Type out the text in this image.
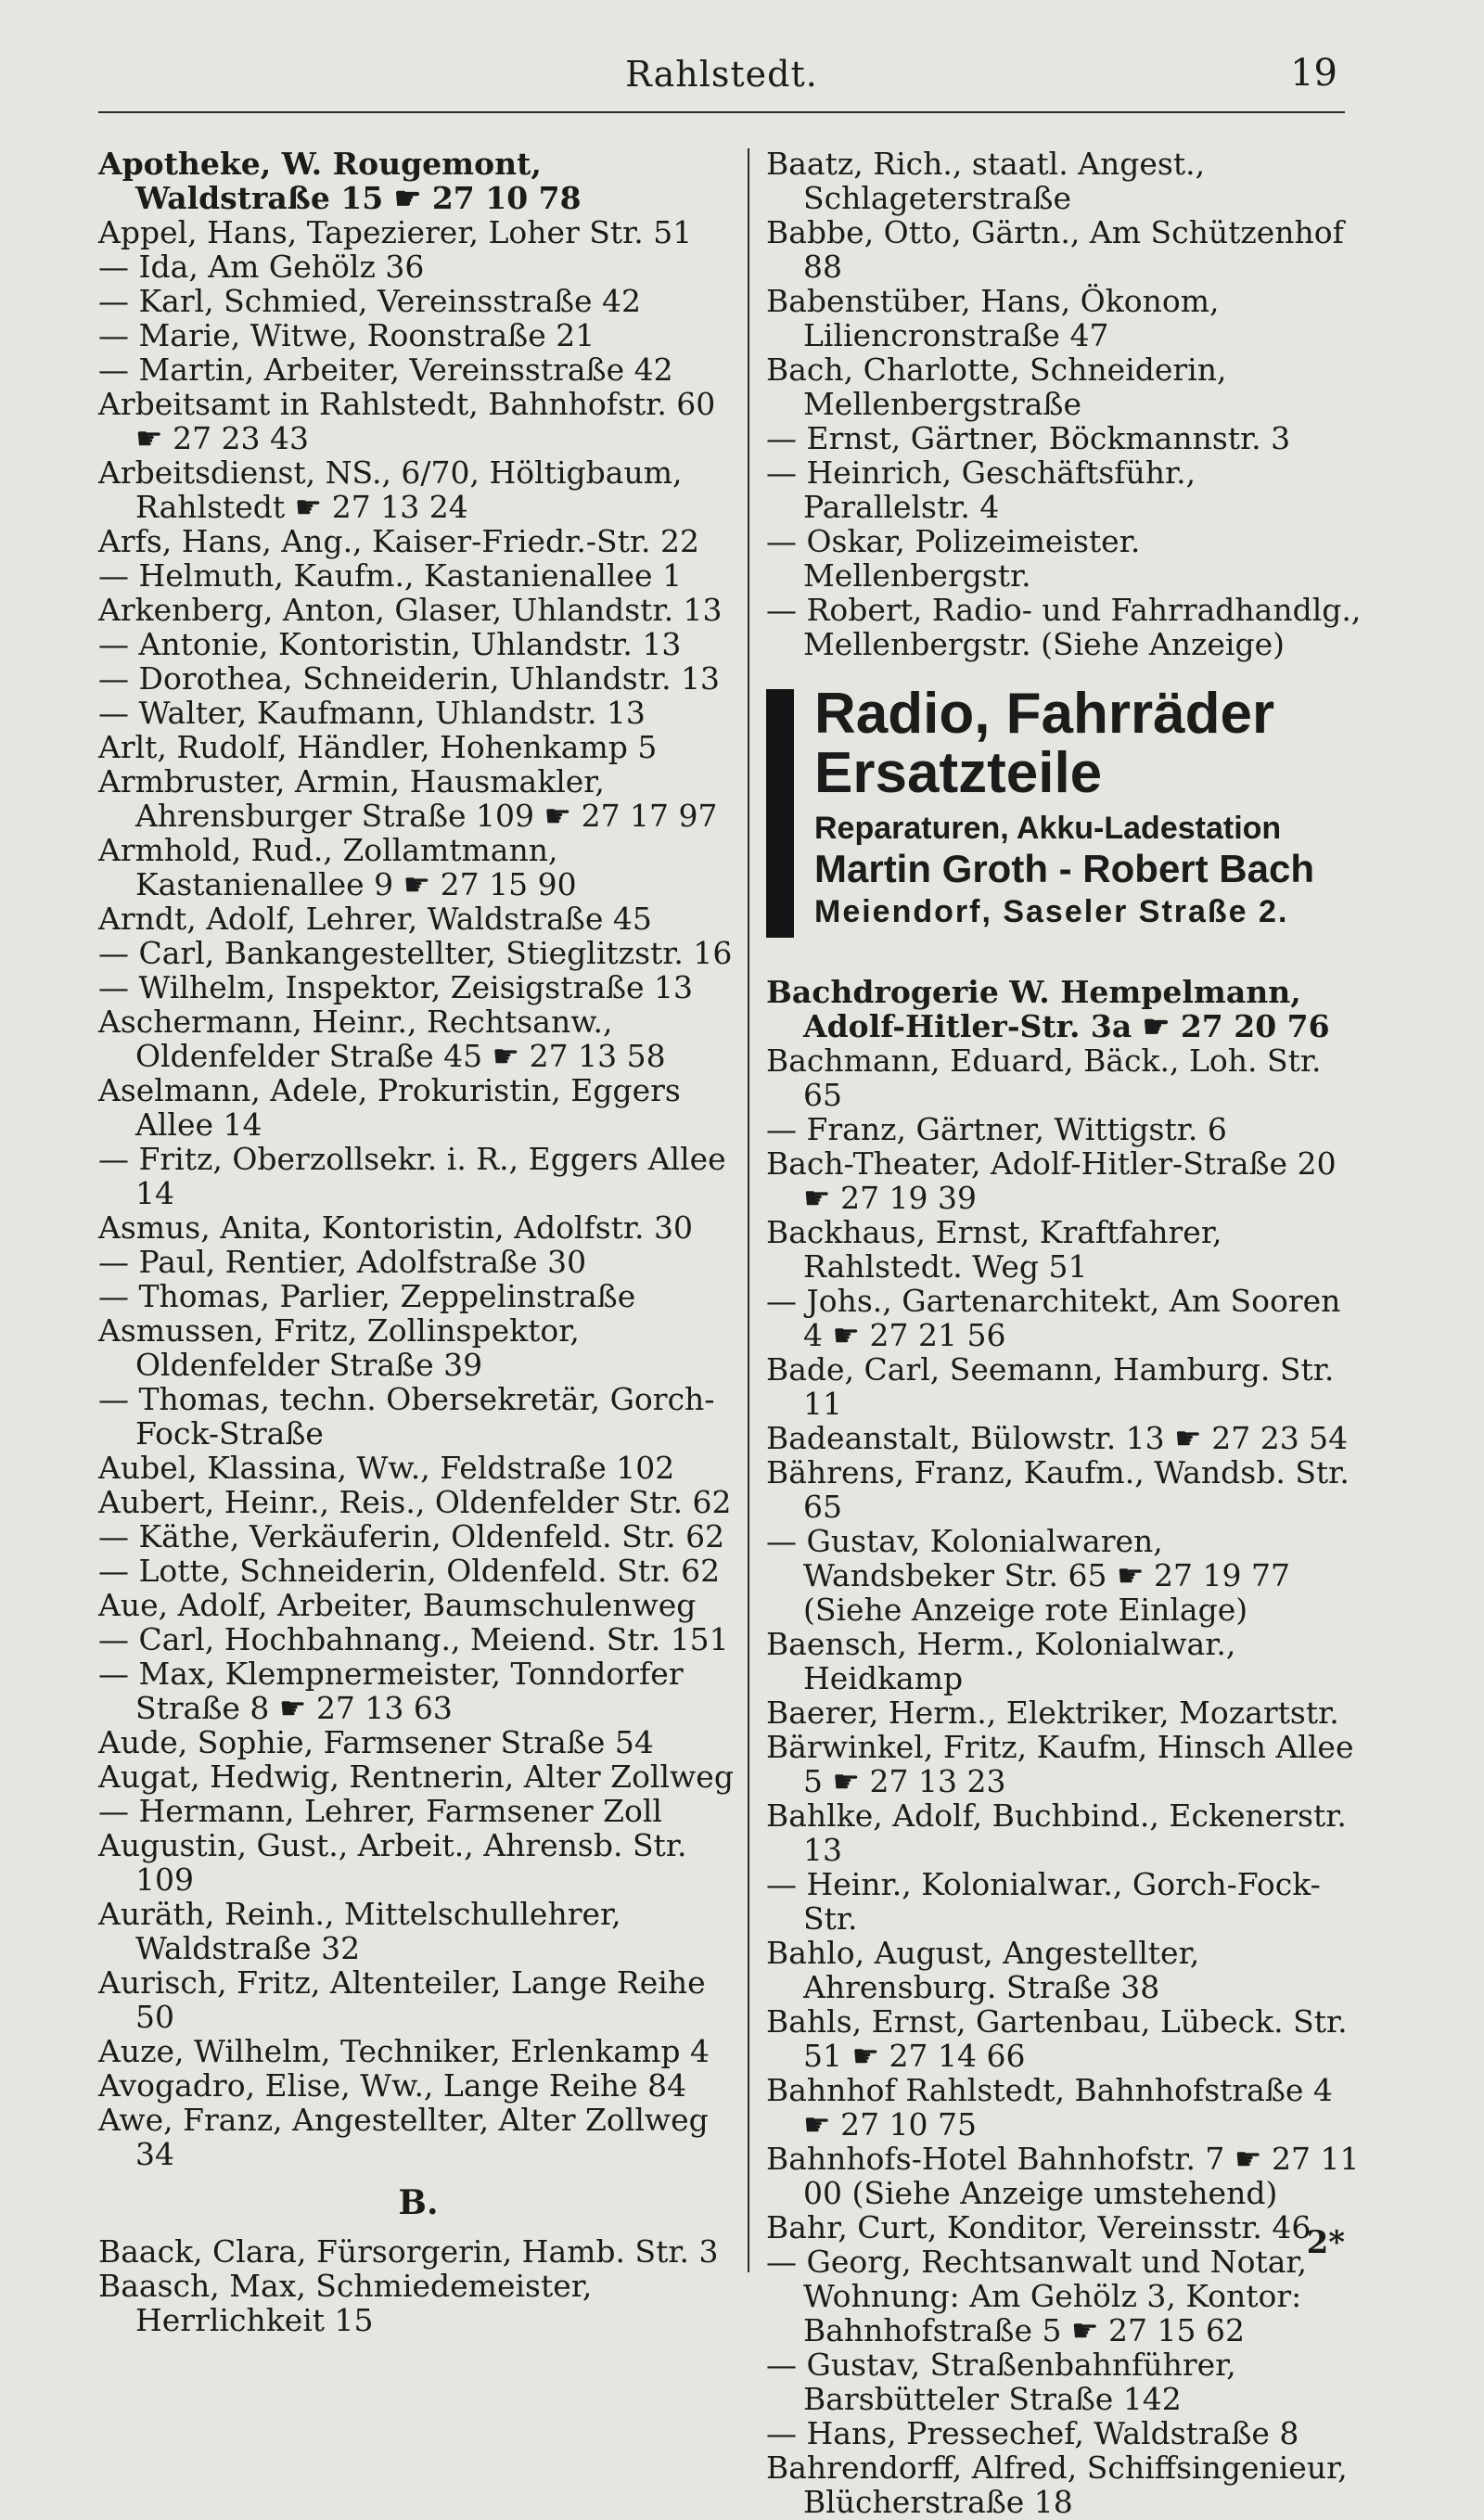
Rahlstedt.	19
Apotheke, W. Rougemont, Waldstraße 15 ☛ 27 10 78
Appel, Hans, Tapezierer, Loher Str. 51
— Ida, Am Gehölz 36
— Karl, Schmied, Vereinsstraße 42
— Marie, Witwe, Roonstraße 21
— Martin, Arbeiter, Vereinsstraße 42
Arbeitsamt in Rahlstedt, Bahnhofstr. 60 ☛ 27 23 43
Arbeitsdienst, NS., 6/70, Höltigbaum, Rahlstedt ☛ 27 13 24
Arfs, Hans, Ang., Kaiser-Friedr.-Str. 22
— Helmuth, Kaufm., Kastanienallee 1
Arkenberg, Anton, Glaser, Uhlandstr. 13
— Antonie, Kontoristin, Uhlandstr. 13
— Dorothea, Schneiderin, Uhlandstr. 13
— Walter, Kaufmann, Uhlandstr. 13
Arlt, Rudolf, Händler, Hohenkamp 5
Armbruster, Armin, Hausmakler, Ahrensburger Straße 109 ☛ 27 17 97
Armhold, Rud., Zollamtmann, Kastanienallee 9 ☛ 27 15 90
Arndt, Adolf, Lehrer, Waldstraße 45
— Carl, Bankangestellter, Stieglitzstr. 16
— Wilhelm, Inspektor, Zeisigstraße 13
Aschermann, Heinr., Rechtsanw., Oldenfelder Straße 45 ☛ 27 13 58
Aselmann, Adele, Prokuristin, Eggers Allee 14
— Fritz, Oberzollsekr. i. R., Eggers Allee 14
Asmus, Anita, Kontoristin, Adolfstr. 30
— Paul, Rentier, Adolfstraße 30
— Thomas, Parlier, Zeppelinstraße
Asmussen, Fritz, Zollinspektor, Oldenfelder Straße 39
— Thomas, techn. Obersekretär, Gorch-Fock-Straße
Aubel, Klassina, Ww., Feldstraße 102
Aubert, Heinr., Reis., Oldenfelder Str. 62
— Käthe, Verkäuferin, Oldenfeld. Str. 62
— Lotte, Schneiderin, Oldenfeld. Str. 62
Aue, Adolf, Arbeiter, Baumschulenweg
— Carl, Hochbahnang., Meiend. Str. 151
— Max, Klempnermeister, Tonndorfer Straße 8 ☛ 27 13 63
Aude, Sophie, Farmsener Straße 54
Augat, Hedwig, Rentnerin, Alter Zollweg
— Hermann, Lehrer, Farmsener Zoll
Augustin, Gust., Arbeit., Ahrensb. Str. 109
Auräth, Reinh., Mittelschullehrer, Waldstraße 32
Aurisch, Fritz, Altenteiler, Lange Reihe 50
Auze, Wilhelm, Techniker, Erlenkamp 4
Avogadro, Elise, Ww., Lange Reihe 84
Awe, Franz, Angestellter, Alter Zollweg 34
B.
Baack, Clara, Fürsorgerin, Hamb. Str. 3
Baasch, Max, Schmiedemeister, Herrlichkeit 15
Baatz, Rich., staatl. Angest., Schlageterstraße
Babbe, Otto, Gärtn., Am Schützenhof 88
Babenstüber, Hans, Ökonom, Liliencronstraße 47
Bach, Charlotte, Schneiderin, Mellenbergstraße
— Ernst, Gärtner, Böckmannstr. 3
— Heinrich, Geschäftsführ., Parallelstr. 4
— Oskar, Polizeimeister. Mellenbergstr.
— Robert, Radio- und Fahrradhandlg., Mellenbergstr. (Siehe Anzeige)
Radio, Fahrräder
Ersatzteile
Reparaturen, Akku-Ladestation
Martin Groth - Robert Bach
Meiendorf, Saseler Straße 2.
Bachdrogerie W. Hempelmann, Adolf-Hitler-Str. 3a ☛ 27 20 76
Bachmann, Eduard, Bäck., Loh. Str. 65
— Franz, Gärtner, Wittigstr. 6
Bach-Theater, Adolf-Hitler-Straße 20 ☛ 27 19 39
Backhaus, Ernst, Kraftfahrer, Rahlstedt. Weg 51
— Johs., Gartenarchitekt, Am Sooren 4 ☛ 27 21 56
Bade, Carl, Seemann, Hamburg. Str. 11
Badeanstalt, Bülowstr. 13 ☛ 27 23 54
Bährens, Franz, Kaufm., Wandsb. Str. 65
— Gustav, Kolonialwaren, Wandsbeker Str. 65 ☛ 27 19 77 (Siehe Anzeige rote Einlage)
Baensch, Herm., Kolonialwar., Heidkamp
Baerer, Herm., Elektriker, Mozartstr.
Bärwinkel, Fritz, Kaufm, Hinsch Allee 5 ☛ 27 13 23
Bahlke, Adolf, Buchbind., Eckenerstr. 13
— Heinr., Kolonialwar., Gorch-Fock-Str.
Bahlo, August, Angestellter, Ahrensburg. Straße 38
Bahls, Ernst, Gartenbau, Lübeck. Str. 51 ☛ 27 14 66
Bahnhof Rahlstedt, Bahnhofstraße 4 ☛ 27 10 75
Bahnhofs-Hotel Bahnhofstr. 7 ☛ 27 11 00 (Siehe Anzeige umstehend)
Bahr, Curt, Konditor, Vereinsstr. 46
— Georg, Rechtsanwalt und Notar, Wohnung: Am Gehölz 3, Kontor: Bahnhofstraße 5 ☛ 27 15 62
— Gustav, Straßenbahnführer, Barsbütteler Straße 142
— Hans, Pressechef, Waldstraße 8
Bahrendorff, Alfred, Schiffsingenieur, Blücherstraße 18
2*
